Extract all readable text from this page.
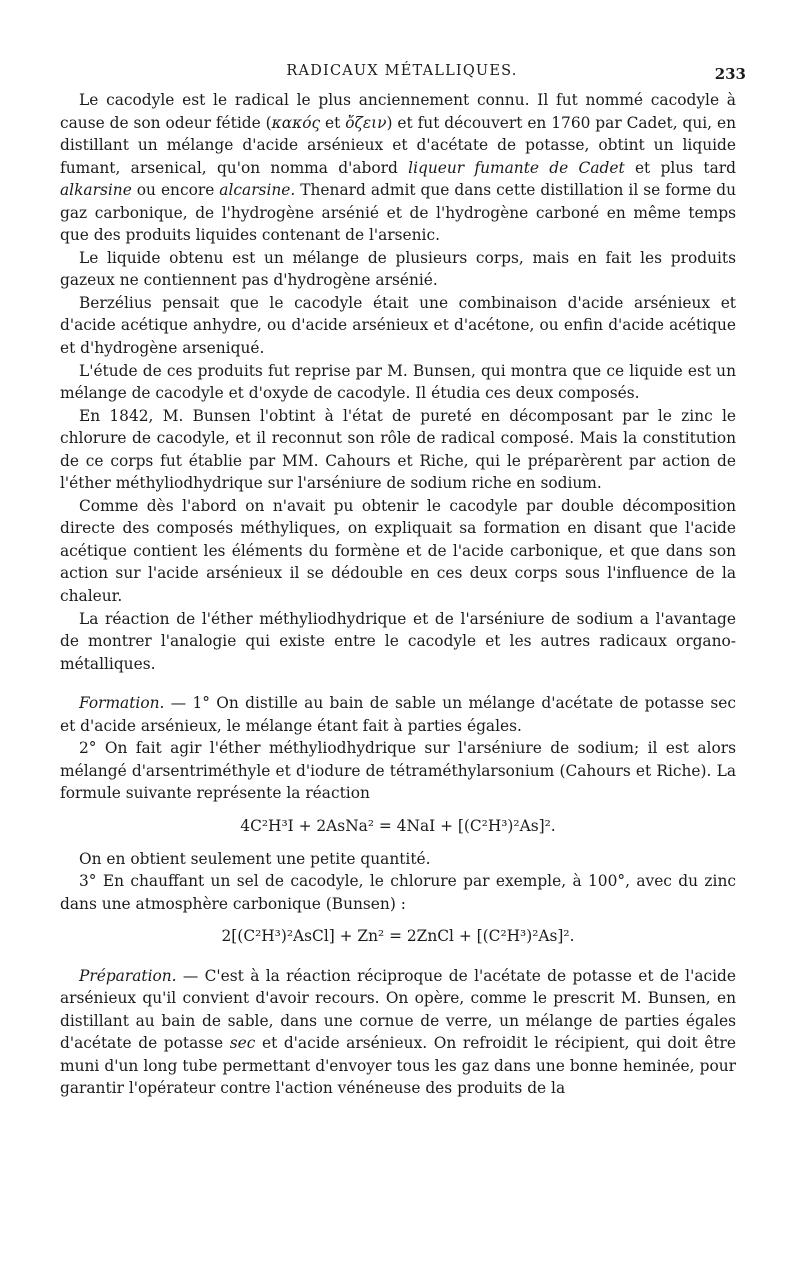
RADICAUX MÉTALLIQUES.	233

Le cacodyle est le radical le plus anciennement connu. Il fut nommé cacodyle à cause de son odeur fétide (κακός et ὄζειν) et fut découvert en 1760 par Cadet, qui, en distillant un mélange d'acide arsénieux et d'acétate de potasse, obtint un liquide fumant, arsenical, qu'on nomma d'abord liqueur fumante de Cadet et plus tard alkarsine ou encore alcarsine. Thenard admit que dans cette distillation il se forme du gaz carbonique, de l'hydrogène arsénié et de l'hydrogène carboné en même temps que des produits liquides contenant de l'arsenic.

Le liquide obtenu est un mélange de plusieurs corps, mais en fait les produits gazeux ne contiennent pas d'hydrogène arsénié.

Berzélius pensait que le cacodyle était une combinaison d'acide arsénieux et d'acide acétique anhydre, ou d'acide arsénieux et d'acétone, ou enfin d'acide acétique et d'hydrogène arseniqué.

L'étude de ces produits fut reprise par M. Bunsen, qui montra que ce liquide est un mélange de cacodyle et d'oxyde de cacodyle. Il étudia ces deux composés.

En 1842, M. Bunsen l'obtint à l'état de pureté en décomposant par le zinc le chlorure de cacodyle, et il reconnut son rôle de radical composé. Mais la constitution de ce corps fut établie par MM. Cahours et Riche, qui le préparèrent par action de l'éther méthyliodhydrique sur l'arséniure de sodium riche en sodium.

Comme dès l'abord on n'avait pu obtenir le cacodyle par double décomposition directe des composés méthyliques, on expliquait sa formation en disant que l'acide acétique contient les éléments du formène et de l'acide carbonique, et que dans son action sur l'acide arsénieux il se dédouble en ces deux corps sous l'influence de la chaleur.

La réaction de l'éther méthyliodhydrique et de l'arséniure de sodium a l'avantage de montrer l'analogie qui existe entre le cacodyle et les autres radicaux organo-métalliques.

Formation. — 1° On distille au bain de sable un mélange d'acétate de potasse sec et d'acide arsénieux, le mélange étant fait à parties égales.

2° On fait agir l'éther méthyliodhydrique sur l'arséniure de sodium; il est alors mélangé d'arsentriméthyle et d'iodure de tétraméthylarsonium (Cahours et Riche). La formule suivante représente la réaction

4C²H³I + 2AsNa² = 4NaI + [(C²H³)²As]².

On en obtient seulement une petite quantité.

3° En chauffant un sel de cacodyle, le chlorure par exemple, à 100°, avec du zinc dans une atmosphère carbonique (Bunsen) :

2[(C²H³)²AsCl] + Zn² = 2ZnCl + [(C²H³)²As]².

Préparation. — C'est à la réaction réciproque de l'acétate de potasse et de l'acide arsénieux qu'il convient d'avoir recours. On opère, comme le prescrit M. Bunsen, en distillant au bain de sable, dans une cornue de verre, un mélange de parties égales d'acétate de potasse sec et d'acide arsénieux. On refroidit le récipient, qui doit être muni d'un long tube permettant d'envoyer tous les gaz dans une bonne heminée, pour garantir l'opérateur contre l'action vénéneuse des produits de la
